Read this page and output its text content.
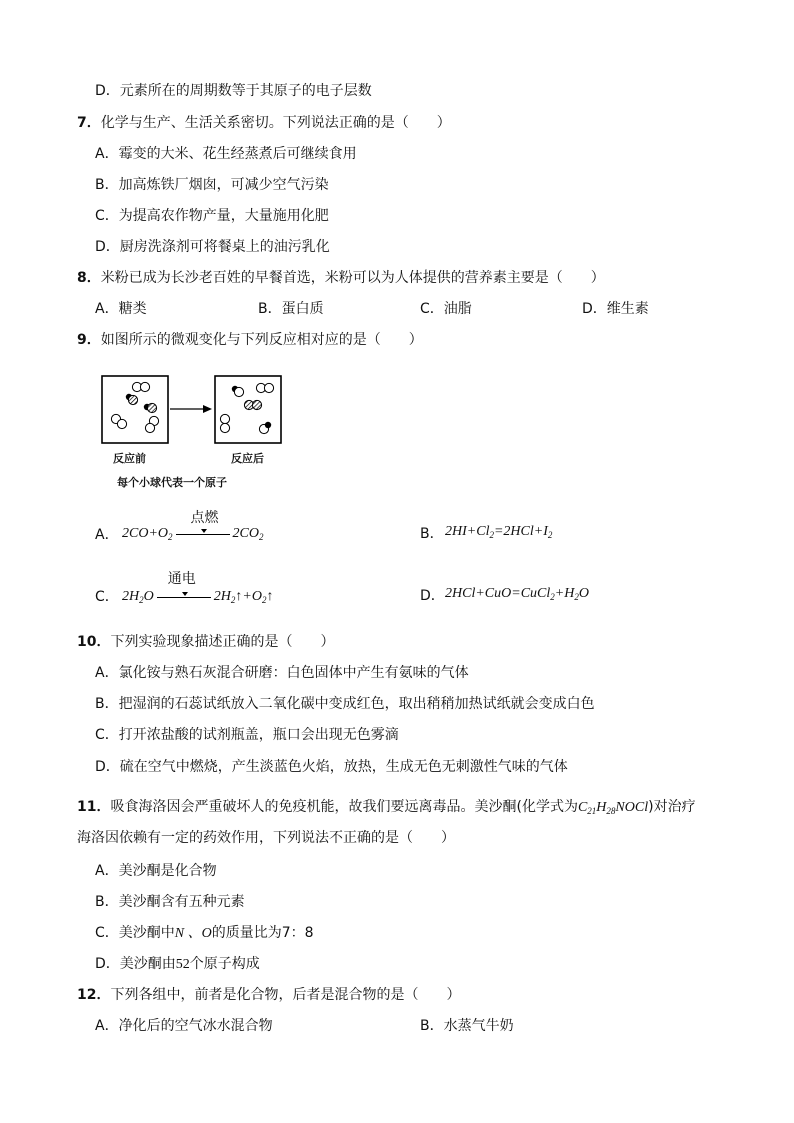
D．元素所在的周期数等于其原子的电子层数
7．化学与生产、生活关系密切。下列说法正确的是（　　）
A．霉变的大米、花生经蒸煮后可继续食用
B．加高炼铁厂烟囱，可减少空气污染
C．为提高农作物产量，大量施用化肥
D．厨房洗涤剂可将餐桌上的油污乳化
8．米粉已成为长沙老百姓的早餐首选，米粉可以为人体提供的营养素主要是（　　）
A．糖类	B．蛋白质	C．油脂	D．维生素
9．如图所示的微观变化与下列反应相对应的是（　　）
反应前	反应后
每个小球代表一个原子
A． $2CO+O_2$
点燃
$2CO_2$	B． $2HI+Cl_2=2HCl+I_2$
C． $2H_2O$
通电
$2H_2↑+O_2↑$	D． $2HCl+CuO=CuCl_2+H_2O$
10．下列实验现象描述正确的是（　　）
A．氯化铵与熟石灰混合研磨：白色固体中产生有氨味的气体
B．把湿润的石蕊试纸放入二氧化碳中变成红色，取出稍稍加热试纸就会变成白色
C．打开浓盐酸的试剂瓶盖，瓶口会出现无色雾滴
D．硫在空气中燃烧，产生淡蓝色火焰，放热，生成无色无刺激性气味的气体
11．吸食海洛因会严重破坏人的免疫机能，故我们要远离毒品。美沙酮(化学式为$C_{21}H_{28}NOCl$)对治疗
海洛因依赖有一定的药效作用，下列说法不正确的是（　　）
A．美沙酮是化合物
B．美沙酮含有五种元素
C．美沙酮中N 、O的质量比为7：8
D．美沙酮由52个原子构成
12．下列各组中，前者是化合物，后者是混合物的是（　　）
A．净化后的空气冰水混合物	B．水蒸气牛奶
